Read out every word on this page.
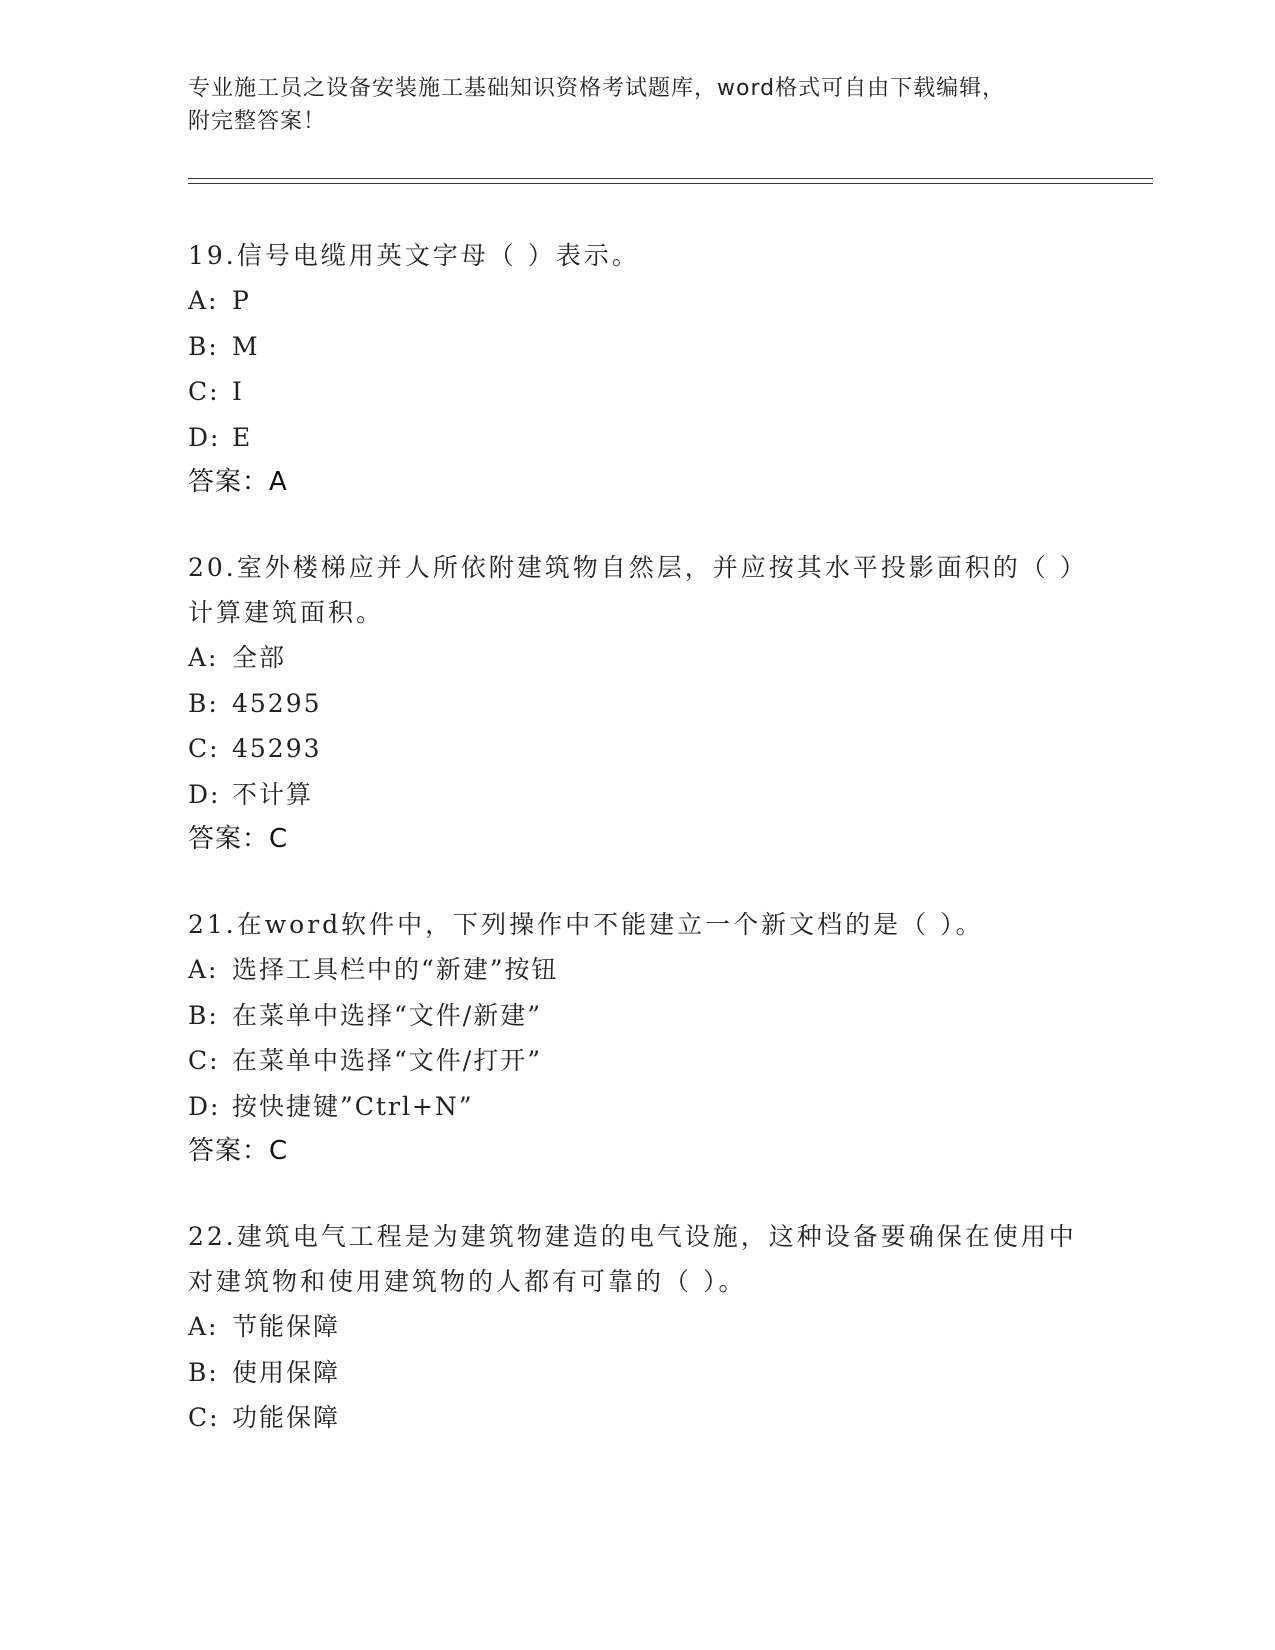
专业施工员之设备安装施工基础知识资格考试题库，word格式可自由下载编辑，
附完整答案！

19.信号电缆用英文字母（ ）表示。

A: P

B: M

C: I

D: E

答案：A

20.室外楼梯应并人所依附建筑物自然层，并应按其水平投影面积的（ ）计算建筑面积。

A: 全部

B: 45295

C: 45293

D: 不计算

答案：C

21.在word软件中，下列操作中不能建立一个新文档的是（ ）。

A: 选择工具栏中的“新建”按钮

B: 在菜单中选择“文件/新建”

C: 在菜单中选择“文件/打开”

D: 按快捷键”Ctrl+N”

答案：C

22.建筑电气工程是为建筑物建造的电气设施，这种设备要确保在使用中对建筑物和使用建筑物的人都有可靠的（ ）。

A: 节能保障

B: 使用保障

C: 功能保障
